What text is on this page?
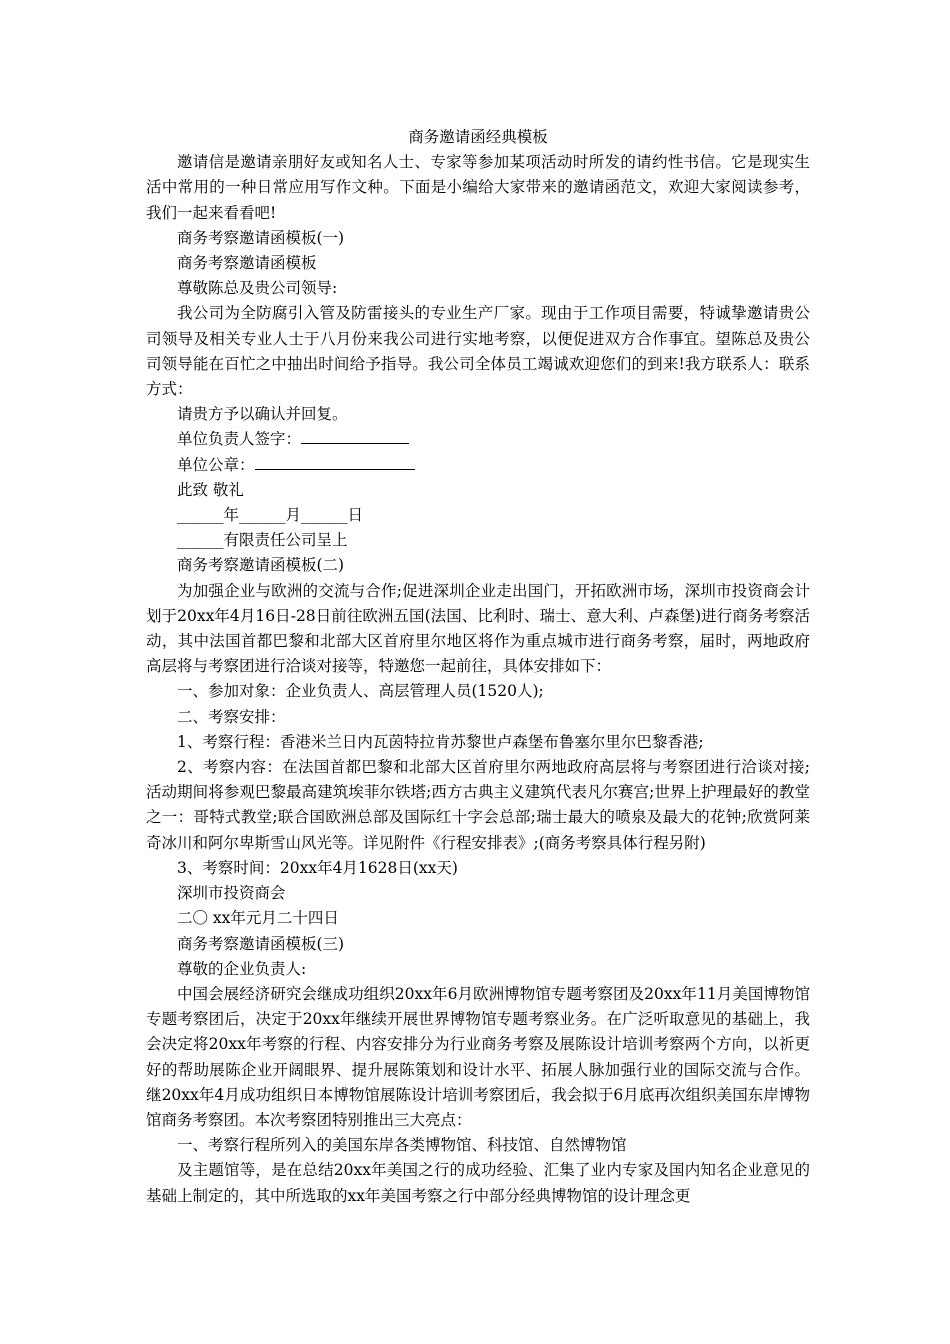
商务邀请函经典模板

邀请信是邀请亲朋好友或知名人士、专家等参加某项活动时所发的请约性书信。它是现实生活中常用的一种日常应用写作文种。下面是小编给大家带来的邀请函范文，欢迎大家阅读参考，我们一起来看看吧!

商务考察邀请函模板(一)

商务考察邀请函模板

尊敬陈总及贵公司领导:

我公司为全防腐引入管及防雷接头的专业生产厂家。现由于工作项目需要，特诚挚邀请贵公司领导及相关专业人士于八月份来我公司进行实地考察，以便促进双方合作事宜。望陈总及贵公司领导能在百忙之中抽出时间给予指导。我公司全体员工竭诚欢迎您们的到来!我方联系人：联系方式：

请贵方予以确认并回复。

单位负责人签字：

单位公章：

此致 敬礼

______年______月______日

______有限责任公司呈上

商务考察邀请函模板(二)

为加强企业与欧洲的交流与合作;促进深圳企业走出国门，开拓欧洲市场，深圳市投资商会计划于20xx年4月16日-28日前往欧洲五国(法国、比利时、瑞士、意大利、卢森堡)进行商务考察活动，其中法国首都巴黎和北部大区首府里尔地区将作为重点城市进行商务考察，届时，两地政府高层将与考察团进行洽谈对接等，特邀您一起前往，具体安排如下：

一、参加对象：企业负责人、高层管理人员(1520人);

二、考察安排：

1、考察行程：香港米兰日内瓦茵特拉肯苏黎世卢森堡布鲁塞尔里尔巴黎香港;

2、考察内容：在法国首都巴黎和北部大区首府里尔两地政府高层将与考察团进行洽谈对接;活动期间将参观巴黎最高建筑埃菲尔铁塔;西方古典主义建筑代表凡尔赛宫;世界上护理最好的教堂之一：哥特式教堂;联合国欧洲总部及国际红十字会总部;瑞士最大的喷泉及最大的花钟;欣赏阿莱奇冰川和阿尔卑斯雪山风光等。详见附件《行程安排表》;(商务考察具体行程另附)

3、考察时间：20xx年4月1628日(xx天)

深圳市投资商会

二〇 xx年元月二十四日

商务考察邀请函模板(三)

尊敬的企业负责人:

中国会展经济研究会继成功组织20xx年6月欧洲博物馆专题考察团及20xx年11月美国博物馆专题考察团后，决定于20xx年继续开展世界博物馆专题考察业务。在广泛听取意见的基础上，我会决定将20xx年考察的行程、内容安排分为行业商务考察及展陈设计培训考察两个方向，以祈更好的帮助展陈企业开阔眼界、提升展陈策划和设计水平、拓展人脉加强行业的国际交流与合作。继20xx年4月成功组织日本博物馆展陈设计培训考察团后，我会拟于6月底再次组织美国东岸博物馆商务考察团。本次考察团特别推出三大亮点：

一、考察行程所列入的美国东岸各类博物馆、科技馆、自然博物馆

及主题馆等，是在总结20xx年美国之行的成功经验、汇集了业内专家及国内知名企业意见的基础上制定的，其中所选取的xx年美国考察之行中部分经典博物馆的设计理念更
